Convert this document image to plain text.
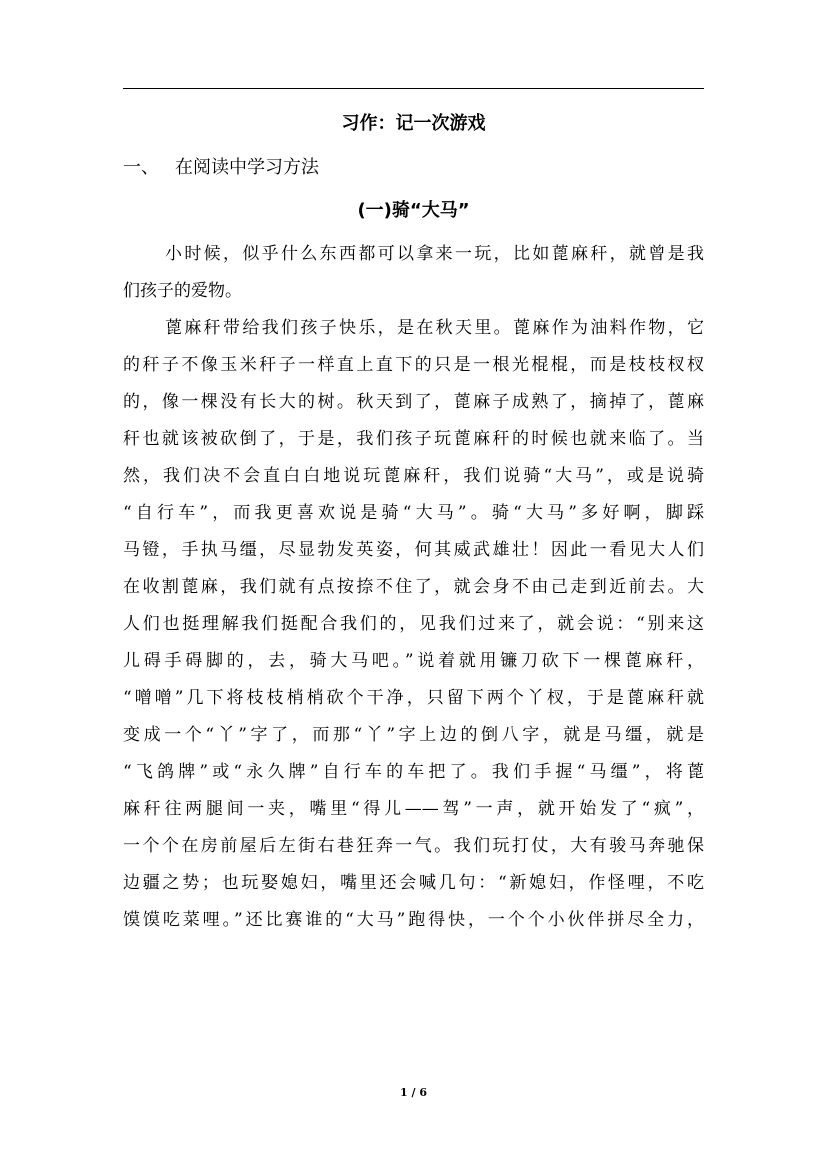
习作：记一次游戏
一、 在阅读中学习方法
(一)骑“大马”
小时候，似乎什么东西都可以拿来一玩，比如蓖麻秆，就曾是我
们孩子的爱物。
蓖麻秆带给我们孩子快乐，是在秋天里。蓖麻作为油料作物，它
的秆子不像玉米秆子一样直上直下的只是一根光棍棍，而是枝枝杈杈
的，像一棵没有长大的树。秋天到了，蓖麻子成熟了，摘掉了，蓖麻
秆也就该被砍倒了，于是，我们孩子玩蓖麻秆的时候也就来临了。当
然，我们决不会直白白地说玩蓖麻秆，我们说骑“大马”，或是说骑
“自行车”，而我更喜欢说是骑“大马”。骑“大马”多好啊，脚踩
马镫，手执马缰，尽显勃发英姿，何其威武雄壮！因此一看见大人们
在收割蓖麻，我们就有点按捺不住了，就会身不由己走到近前去。大
人们也挺理解我们挺配合我们的，见我们过来了，就会说：“别来这
儿碍手碍脚的，去，骑大马吧。”说着就用镰刀砍下一棵蓖麻秆，
“噌噌”几下将枝枝梢梢砍个干净，只留下两个丫杈，于是蓖麻秆就
变成一个“丫”字了，而那“丫”字上边的倒八字，就是马缰，就是
“飞鸽牌”或“永久牌”自行车的车把了。我们手握“马缰”，将蓖
麻秆往两腿间一夹，嘴里“得儿——驾”一声，就开始发了“疯”，
一个个在房前屋后左街右巷狂奔一气。我们玩打仗，大有骏马奔驰保
边疆之势；也玩娶媳妇，嘴里还会喊几句：“新媳妇，作怪哩，不吃
馍馍吃菜哩。”还比赛谁的“大马”跑得快，一个个小伙伴拼尽全力，
1 / 6
